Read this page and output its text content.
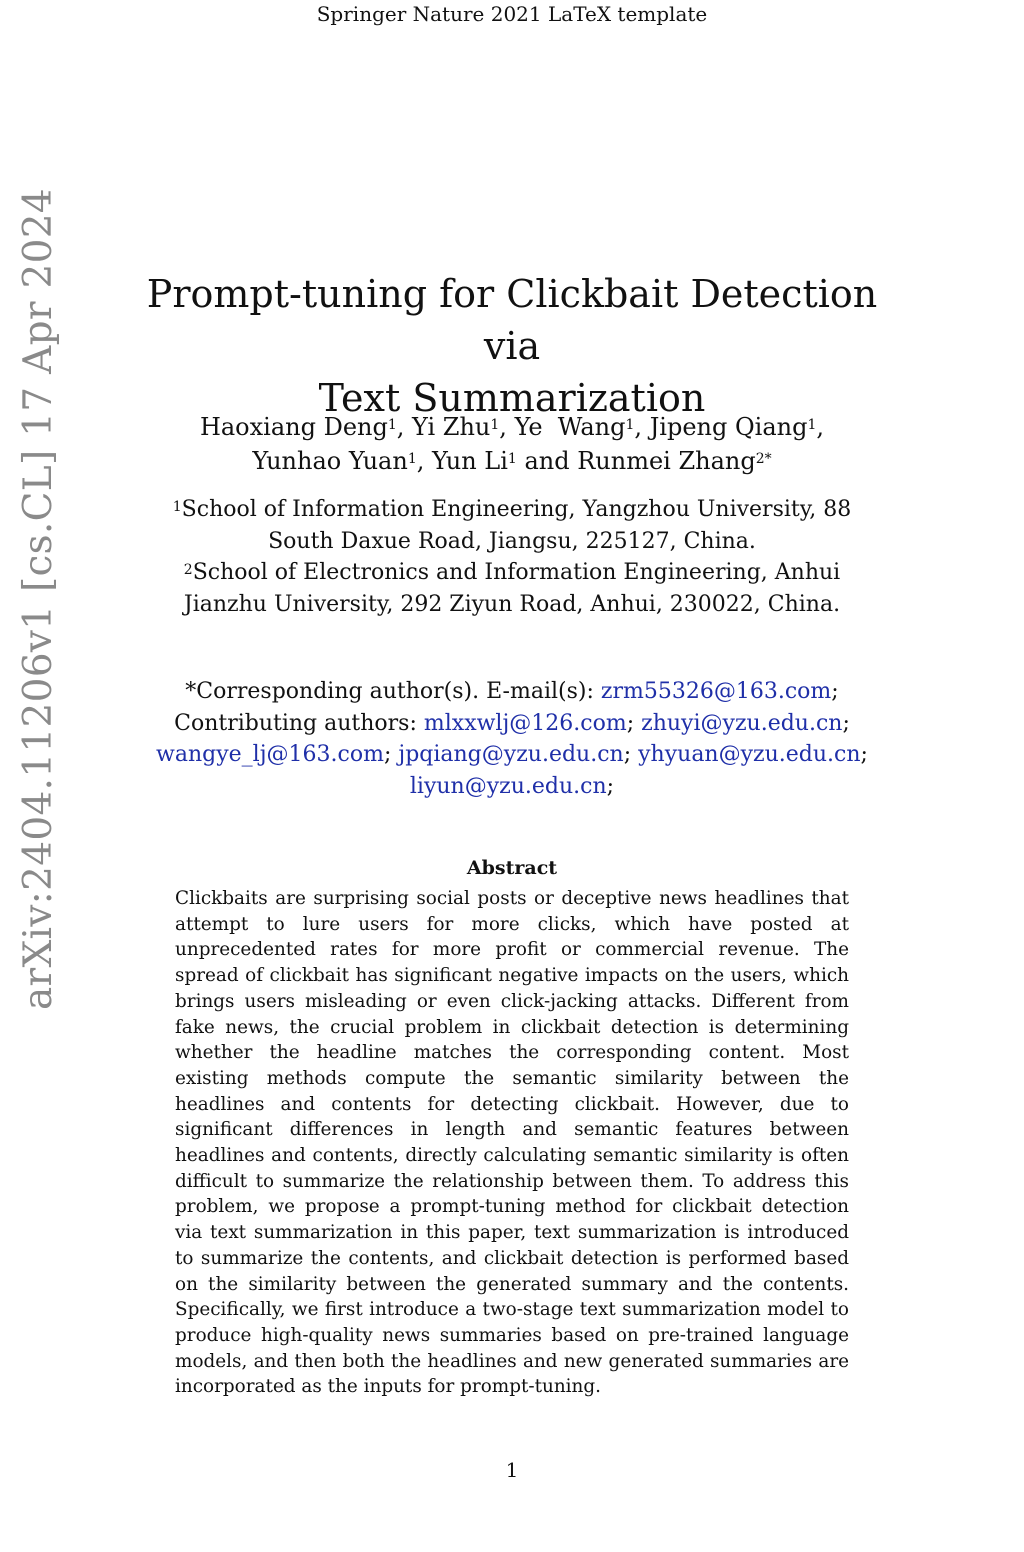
Springer Nature 2021 LaTeX template
arXiv:2404.11206v1 [cs.CL] 17 Apr 2024 Prompt-tuning for Clickbait Detection via
Text Summarization
Haoxiang Deng$^1$, Yi Zhu$^1$, Ye  Wang$^1$, Jipeng Qiang$^1$, Yunhao Yuan$^1$, Yun Li$^1$ and Runmei Zhang$^{2*}$
$^1$School of Information Engineering, Yangzhou University, 88 South Daxue Road, Jiangsu, 225127, China.
$^2$School of Electronics and Information Engineering, Anhui Jianzhu University, 292 Ziyun Road, Anhui, 230022, China.
*Corresponding author(s). E-mail(s): zrm55326@163.com;
Contributing authors: mlxxwlj@126.com; zhuyi@yzu.edu.cn;
wangye_lj@163.com; jpqiang@yzu.edu.cn; yhyuan@yzu.edu.cn;
liyun@yzu.edu.cn;
Abstract
Clickbaits are surprising social posts or deceptive news headlines that attempt to lure users for more clicks, which have posted at unprecedented rates for more profit or commercial revenue. The spread of clickbait has significant negative impacts on the users, which brings users misleading or even click-jacking attacks. Different from fake news, the crucial problem in clickbait detection is determining whether the headline matches the corresponding content. Most existing methods compute the semantic similarity between the headlines and contents for detecting clickbait. However, due to significant differences in length and semantic features between headlines and contents, directly calculating semantic similarity is often difficult to summarize the relationship between them. To address this problem, we propose a prompt-tuning method for clickbait detection via text summarization in this paper, text summarization is introduced to summarize the contents, and clickbait detection is performed based on the similarity between the generated summary and the contents. Specifically, we first introduce a two-stage text summarization model to produce high-quality news summaries based on pre-trained language models, and then both the headlines and new generated summaries are incorporated as the inputs for prompt-tuning.
1
